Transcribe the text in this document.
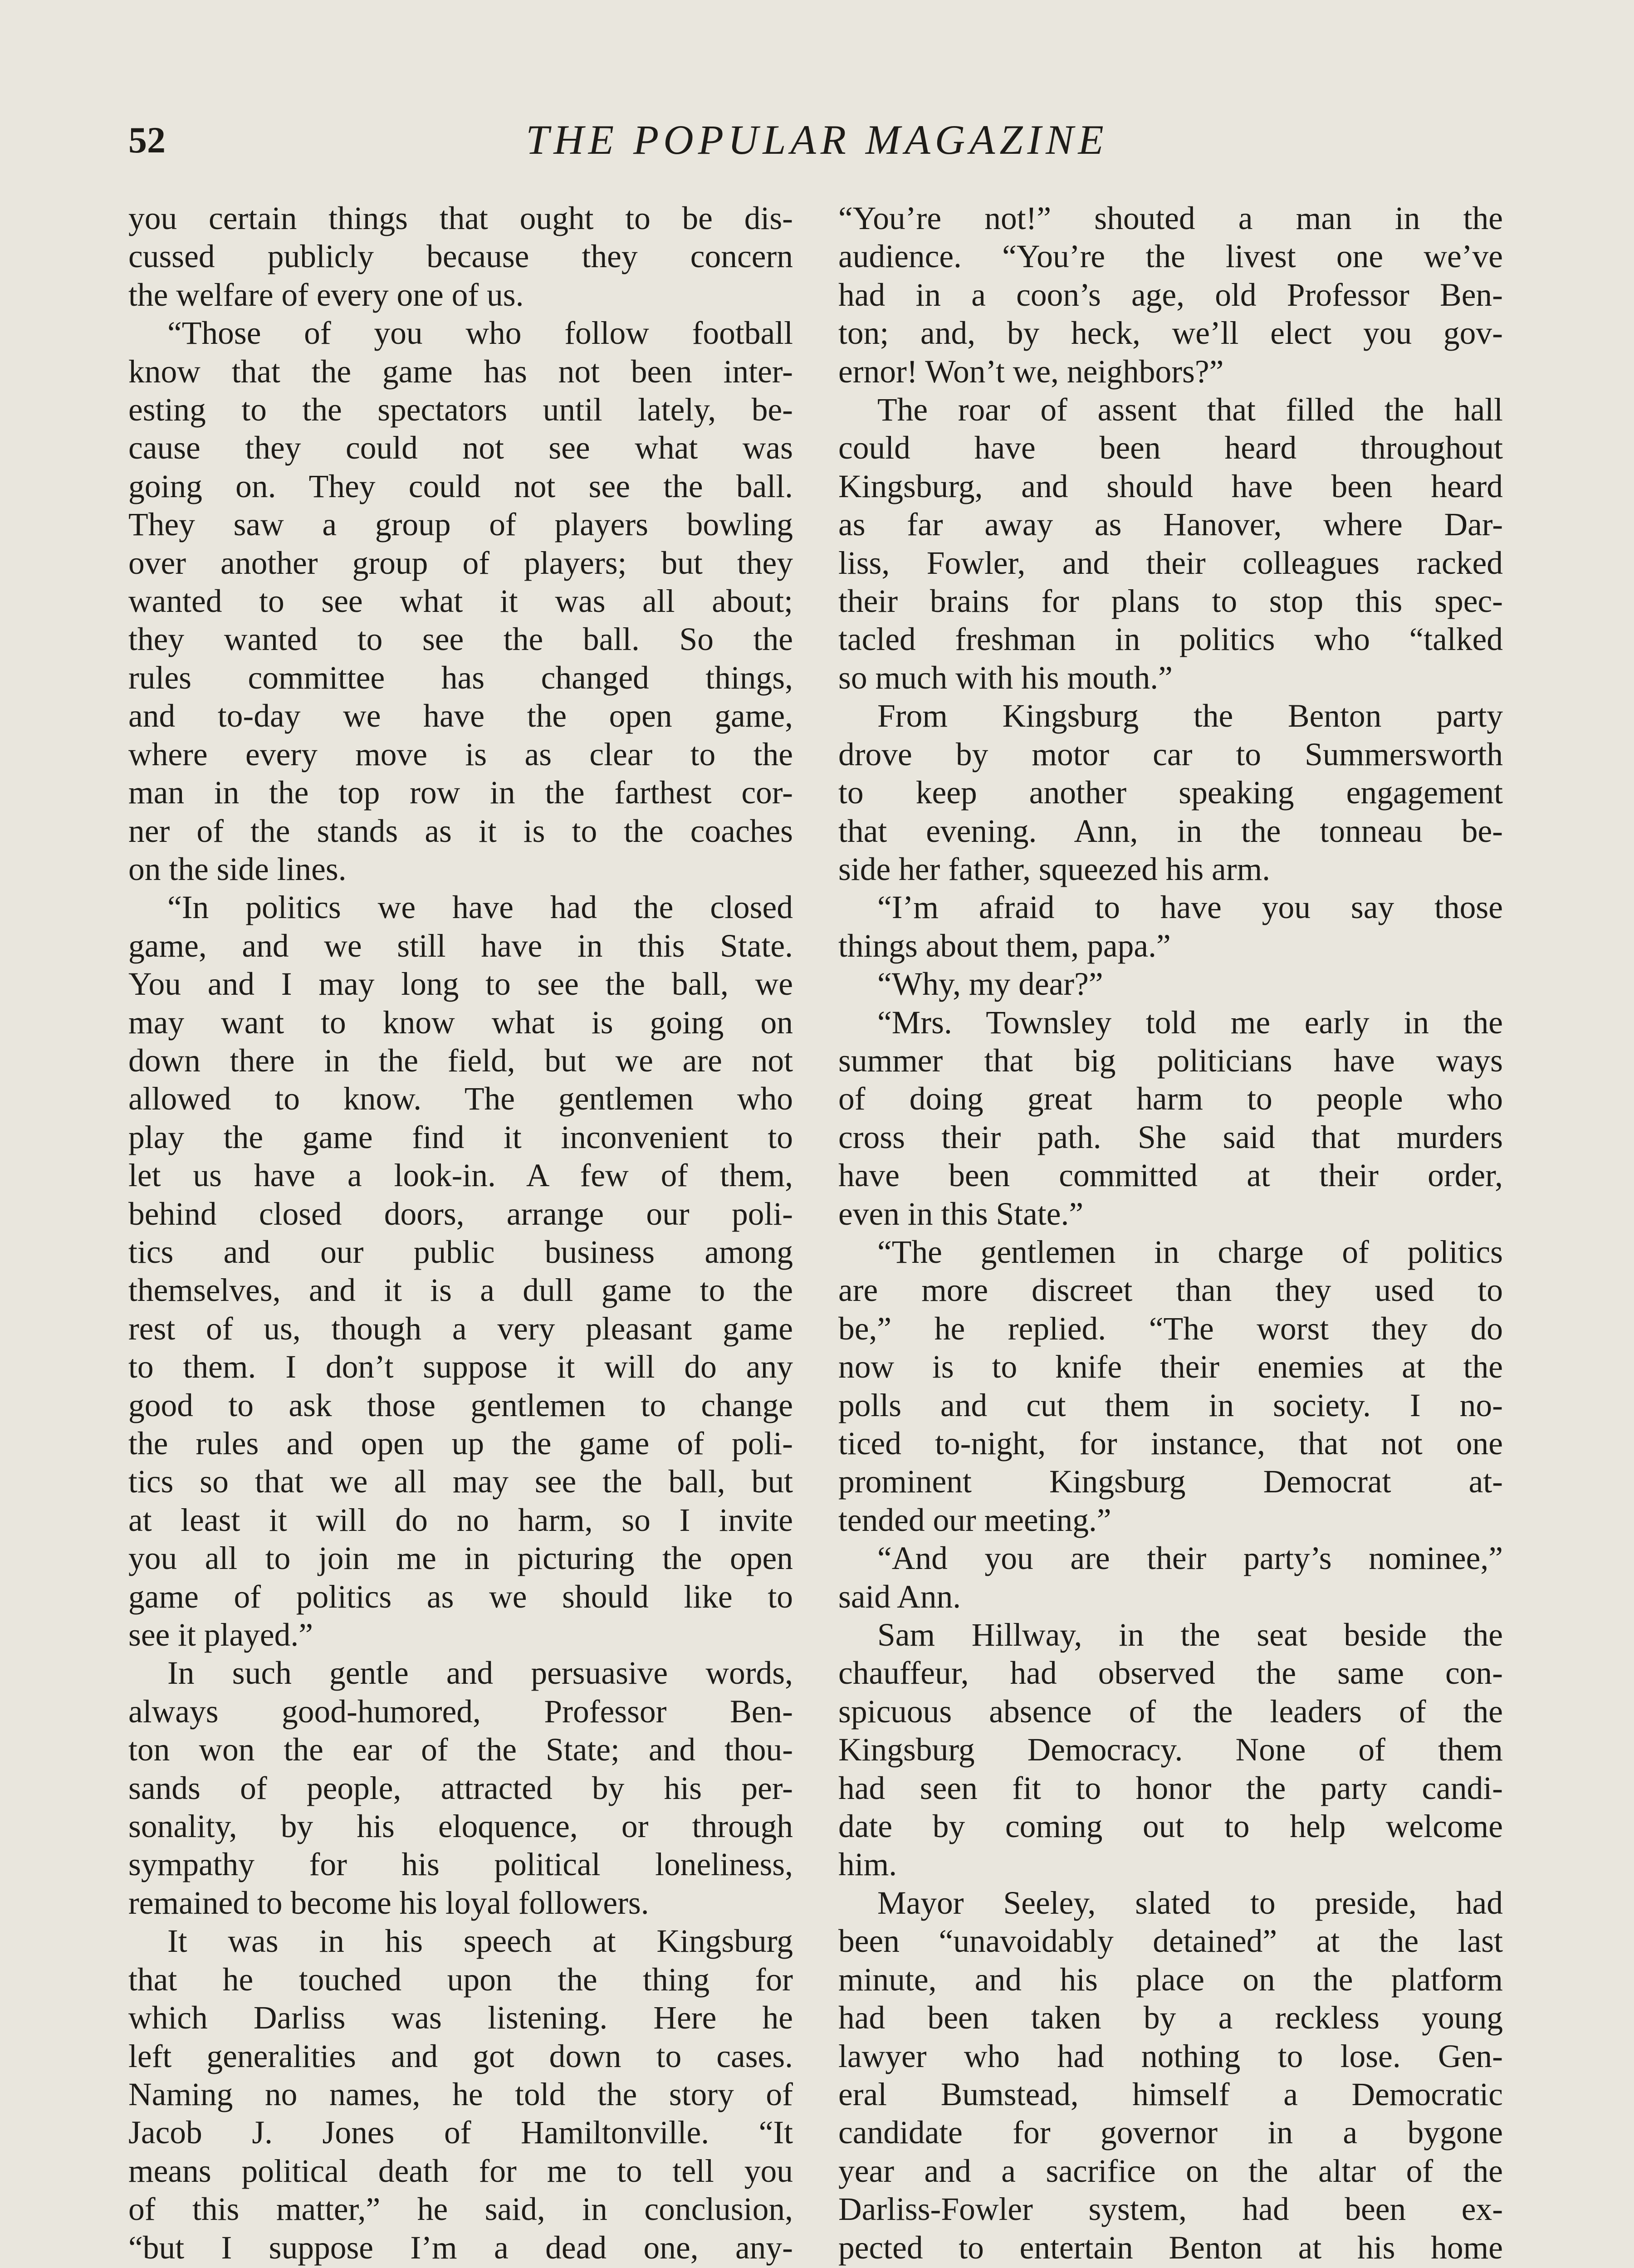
52	THE POPULAR MAGAZINE
you certain things that ought to be dis-
cussed publicly because they concern
the welfare of every one of us.
“Those of you who follow football
know that the game has not been inter-
esting to the spectators until lately, be-
cause they could not see what was
going on. They could not see the ball.
They saw a group of players bowling
over another group of players; but they
wanted to see what it was all about;
they wanted to see the ball. So the
rules committee has changed things,
and to-day we have the open game,
where every move is as clear to the
man in the top row in the farthest cor-
ner of the stands as it is to the coaches
on the side lines.
“In politics we have had the closed
game, and we still have in this State.
You and I may long to see the ball, we
may want to know what is going on
down there in the field, but we are not
allowed to know. The gentlemen who
play the game find it inconvenient to
let us have a look-in. A few of them,
behind closed doors, arrange our poli-
tics and our public business among
themselves, and it is a dull game to the
rest of us, though a very pleasant game
to them. I don’t suppose it will do any
good to ask those gentlemen to change
the rules and open up the game of poli-
tics so that we all may see the ball, but
at least it will do no harm, so I invite
you all to join me in picturing the open
game of politics as we should like to
see it played.”
In such gentle and persuasive words,
always good-humored, Professor Ben-
ton won the ear of the State; and thou-
sands of people, attracted by his per-
sonality, by his eloquence, or through
sympathy for his political loneliness,
remained to become his loyal followers.
It was in his speech at Kingsburg
that he touched upon the thing for
which Darliss was listening. Here he
left generalities and got down to cases.
Naming no names, he told the story of
Jacob J. Jones of Hamiltonville. “It
means political death for me to tell you
of this matter,” he said, in conclusion,
“but I suppose I’m a dead one, any-
“You’re not!” shouted a man in the
audience. “You’re the livest one we’ve
had in a coon’s age, old Professor Ben-
ton; and, by heck, we’ll elect you gov-
ernor! Won’t we, neighbors?”
The roar of assent that filled the hall
could have been heard throughout
Kingsburg, and should have been heard
as far away as Hanover, where Dar-
liss, Fowler, and their colleagues racked
their brains for plans to stop this spec-
tacled freshman in politics who “talked
so much with his mouth.”
From Kingsburg the Benton party
drove by motor car to Summersworth
to keep another speaking engagement
that evening. Ann, in the tonneau be-
side her father, squeezed his arm.
“I’m afraid to have you say those
things about them, papa.”
“Why, my dear?”
“Mrs. Townsley told me early in the
summer that big politicians have ways
of doing great harm to people who
cross their path. She said that murders
have been committed at their order,
even in this State.”
“The gentlemen in charge of politics
are more discreet than they used to
be,” he replied. “The worst they do
now is to knife their enemies at the
polls and cut them in society. I no-
ticed to-night, for instance, that not one
prominent Kingsburg Democrat at-
tended our meeting.”
“And you are their party’s nominee,”
said Ann.
Sam Hillway, in the seat beside the
chauffeur, had observed the same con-
spicuous absence of the leaders of the
Kingsburg Democracy. None of them
had seen fit to honor the party candi-
date by coming out to help welcome
him.
Mayor Seeley, slated to preside, had
been “unavoidably detained” at the last
minute, and his place on the platform
had been taken by a reckless young
lawyer who had nothing to lose. Gen-
eral Bumstead, himself a Democratic
candidate for governor in a bygone
year and a sacrifice on the altar of the
Darliss-Fowler system, had been ex-
pected to entertain Benton at his home
